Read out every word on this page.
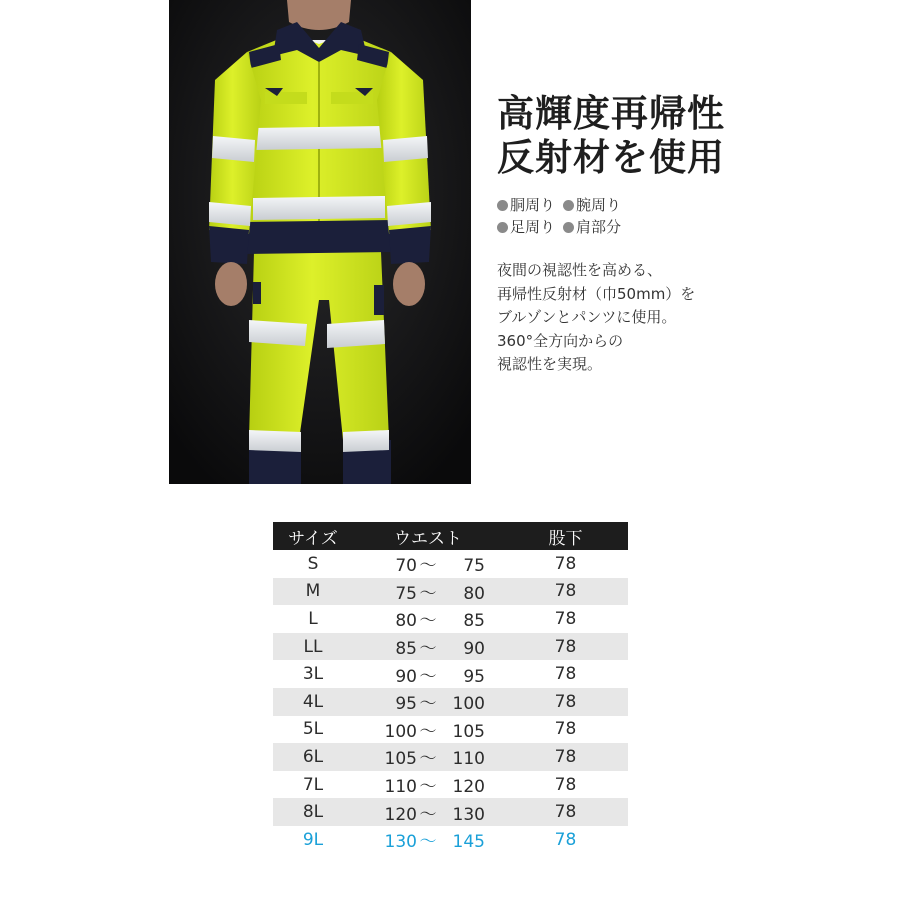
高輝度再帰性
反射材を使用
胴周り 腕周り
足周り 肩部分
夜間の視認性を高める、
再帰性反射材（巾50mm）を
ブルゾンとパンツに使用。
360°全方向からの
視認性を実現。
サイズ	ウエスト	股下
S	70 ～ 75	78
M	75 ～ 80	78
L	80 ～ 85	78
LL	85 ～ 90	78
3L	90 ～ 95	78
4L	95 ～ 100	78
5L	100 ～ 105	78
6L	105 ～ 110	78
7L	110 ～ 120	78
8L	120 ～ 130	78
9L	130 ～ 145	78
